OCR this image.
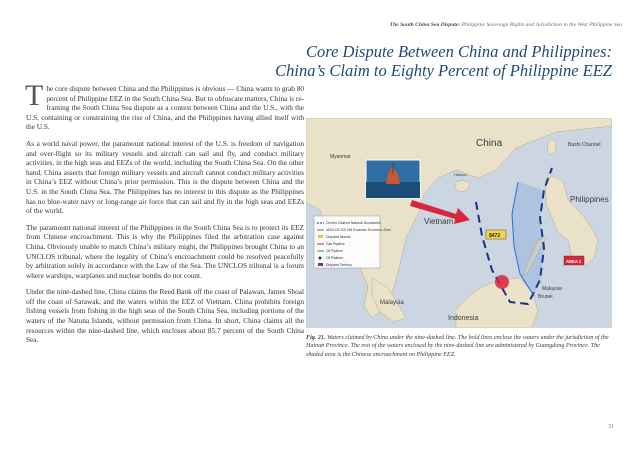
The South China Sea Dispute: Philippine Sovereign Rights and Jurisdiction in the West Philippine Sea
Core Dispute Between China and Philippines:
China’s Claim to Eighty Percent of Philippine EEZ

The core dispute between China and the Philippines is obvious — China wants to grab 80 percent of Philippine EEZ in the South China Sea. But to obfuscate matters, China is re-framing the South China Sea dispute as a contest between China and the U.S., with the U.S. containing or constraining the rise of China, and the Philippines having allied itself with the U.S.

As a world naval power, the paramount national interest of the U.S. is freedom of navigation and over-flight so its military vessels and aircraft can sail and fly, and conduct military activities, in the high seas and EEZs of the world, including the South China Sea. On the other hand, China asserts that foreign military vessels and aircraft cannot conduct military activities in China’s EEZ without China’s prior permission. This is the dispute between China and the U.S. in the South China Sea. The Philippines has no interest in this dispute as the Philippines has no blue-water navy or long-range air force that can sail and fly in the high seas and EEZs of the world.

The paramount national interest of the Philippines in the South China Sea is to protect its EEZ from Chinese encroachment. This is why the Philippines filed the arbitration case against China. Obviously unable to match China’s military might, the Philippines brought China to an UNCLOS tribunal, where the legality of China’s encroachment could be resolved peacefully by arbitration solely in accordance with the Law of the Sea. The UNCLOS tribunal is a forum where warships, warplanes and nuclear bombs do not count.

Under the nine-dashed line, China claims the Reed Bank off the coast of Palawan, James Shoal off the coast of Sarawak, and the waters within the EEZ of Vietnam. China prohibits foreign fishing vessels from fishing in the high seas of the South China Sea, including portions of the waters of the Natuna Islands, without permission from China. In short, China claims all the resources within the nine-dashed line, which encloses about 85.7 percent of the South China Sea.

China's Claimed National Boundaries
UNCLOS 200 NM Exclusive Economic Zone
Disputed Islands
Gas Pipeline
Oil Pipeline
Oil Platform
Disputed Territory
$472
AREA 1
China
Myanmar
Vietnam
Philippines
Malaysia
Malaysia
Brunei
Indonesia
Bashi Channel
Hainan
Fig. 21. Waters claimed by China under the nine-dashed line. The bold lines enclose the waters under the jurisdiction of the Hainan Province. The rest of the waters enclosed by the nine-dashed line are administered by Guangdong Province. The shaded area is the Chinese encroachment on Philippine EEZ.
31
